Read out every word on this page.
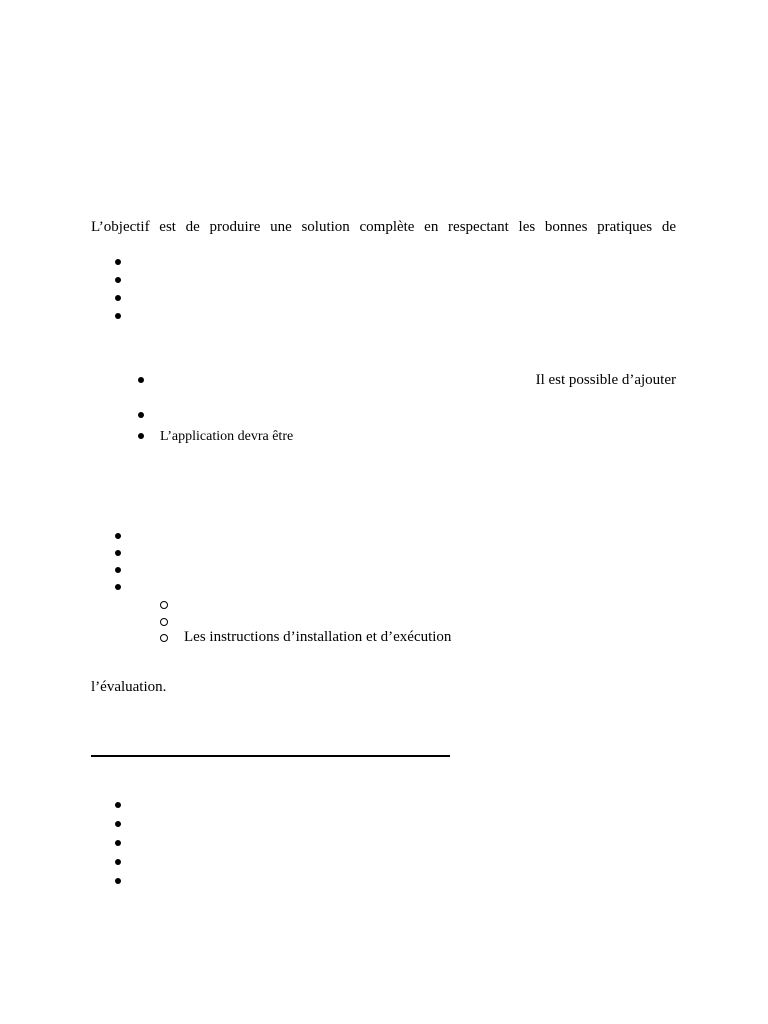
L’objectif est de produire une solution complète en respectant les bonnes pratiques de
Il est possible d’ajouter
L’application devra être
Les instructions d’installation et d’exécution
l’évaluation.
